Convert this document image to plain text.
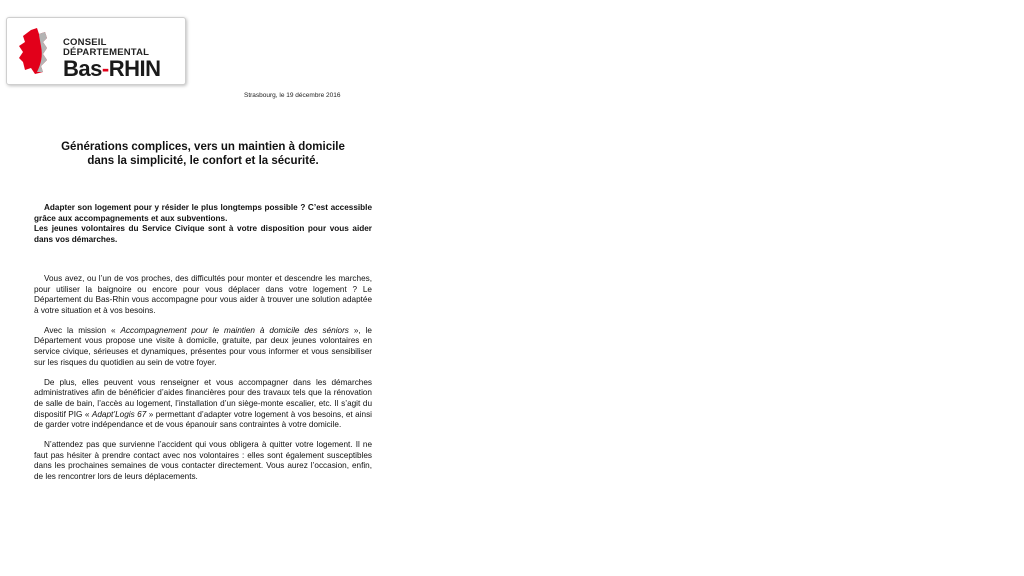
CONSEIL DÉPARTEMENTAL
Bas-RHIN
Strasbourg, le 19 décembre 2016
Générations complices, vers un maintien à domicile
dans la simplicité, le confort et la sécurité.

Adapter son logement pour y résider le plus longtemps possible ? C’est accessible grâce aux accompagnements et aux subventions.

Les jeunes volontaires du Service Civique sont à votre disposition pour vous aider dans vos démarches.

Vous avez, ou l’un de vos proches, des difficultés pour monter et descendre les marches, pour utiliser la baignoire ou encore pour vous déplacer dans votre logement ? Le Département du Bas-Rhin vous accompagne pour vous aider à trouver une solution adaptée à votre situation et à vos besoins.

Avec la mission « Accompagnement pour le maintien à domicile des séniors », le Département vous propose une visite à domicile, gratuite, par deux jeunes volontaires en service civique, sérieuses et dynamiques, présentes pour vous informer et vous sensibiliser sur les risques du quotidien au sein de votre foyer.

De plus, elles peuvent vous renseigner et vous accompagner dans les démarches administratives afin de bénéficier d’aides financières pour des travaux tels que la rénovation de salle de bain, l’accès au logement, l’installation d’un siège-monte escalier, etc. Il s’agit du dispositif PIG « Adapt’Logis 67 » permettant d’adapter votre logement à vos besoins, et ainsi de garder votre indépendance et de vous épanouir sans contraintes à votre domicile.

N’attendez pas que survienne l’accident qui vous obligera à quitter votre logement. Il ne faut pas hésiter à prendre contact avec nos volontaires : elles sont également susceptibles dans les prochaines semaines de vous contacter directement. Vous aurez l’occasion, enfin, de les rencontrer lors de leurs déplacements.
